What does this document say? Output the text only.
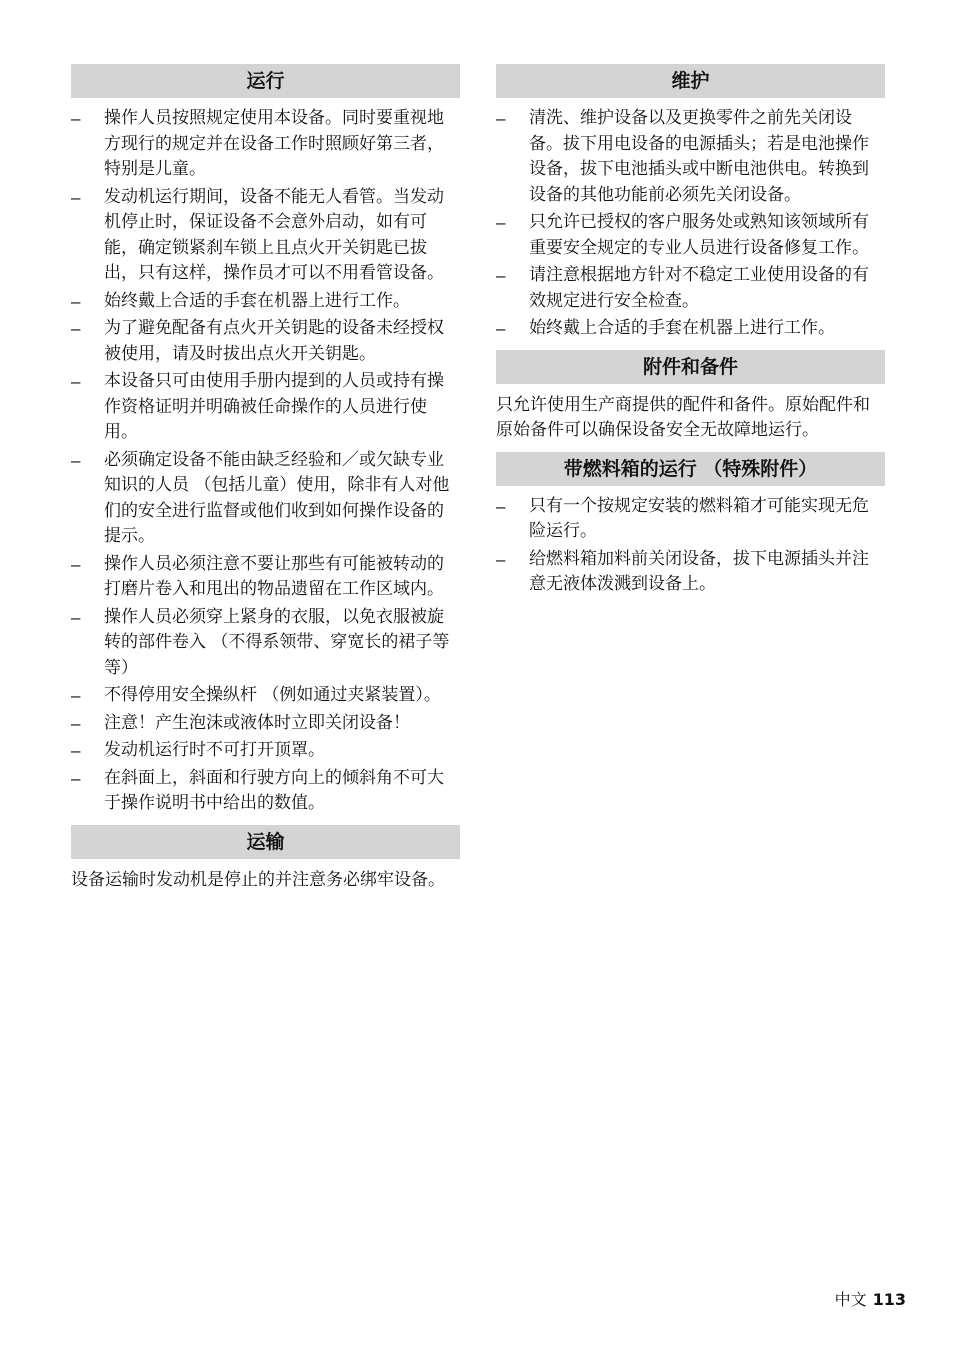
运行
– 操作人员按照规定使用本设备。同时要重视地方现行的规定并在设备工作时照顾好第三者，特别是儿童。
– 发动机运行期间，设备不能无人看管。当发动机停止时，保证设备不会意外启动，如有可能，确定锁紧刹车锁上且点火开关钥匙已拔出，只有这样，操作员才可以不用看管设备。
– 始终戴上合适的手套在机器上进行工作。
– 为了避免配备有点火开关钥匙的设备未经授权被使用，请及时拔出点火开关钥匙。
– 本设备只可由使用手册内提到的人员或持有操作资格证明并明确被任命操作的人员进行使用。
– 必须确定设备不能由缺乏经验和／或欠缺专业知识的人员 （包括儿童）使用，除非有人对他们的安全进行监督或他们收到如何操作设备的提示。
– 操作人员必须注意不要让那些有可能被转动的打磨片卷入和甩出的物品遗留在工作区域内。
– 操作人员必须穿上紧身的衣服，以免衣服被旋转的部件卷入 （不得系领带、穿宽长的裙子等等）
– 不得停用安全操纵杆 （例如通过夹紧装置）。
– 注意！产生泡沫或液体时立即关闭设备！
– 发动机运行时不可打开顶罩。
– 在斜面上，斜面和行驶方向上的倾斜角不可大于操作说明书中给出的数值。
运输

设备运输时发动机是停止的并注意务必绑牢设备。

维护
– 清洗、维护设备以及更换零件之前先关闭设备。拔下用电设备的电源插头；若是电池操作设备，拔下电池插头或中断电池供电。转换到设备的其他功能前必须先关闭设备。
– 只允许已授权的客户服务处或熟知该领域所有重要安全规定的专业人员进行设备修复工作。
– 请注意根据地方针对不稳定工业使用设备的有效规定进行安全检查。
– 始终戴上合适的手套在机器上进行工作。
附件和备件

只允许使用生产商提供的配件和备件。原始配件和原始备件可以确保设备安全无故障地运行。

带燃料箱的运行 （特殊附件）
– 只有一个按规定安装的燃料箱才可能实现无危险运行。
– 给燃料箱加料前关闭设备，拔下电源插头并注意无液体泼溅到设备上。
中文 113
